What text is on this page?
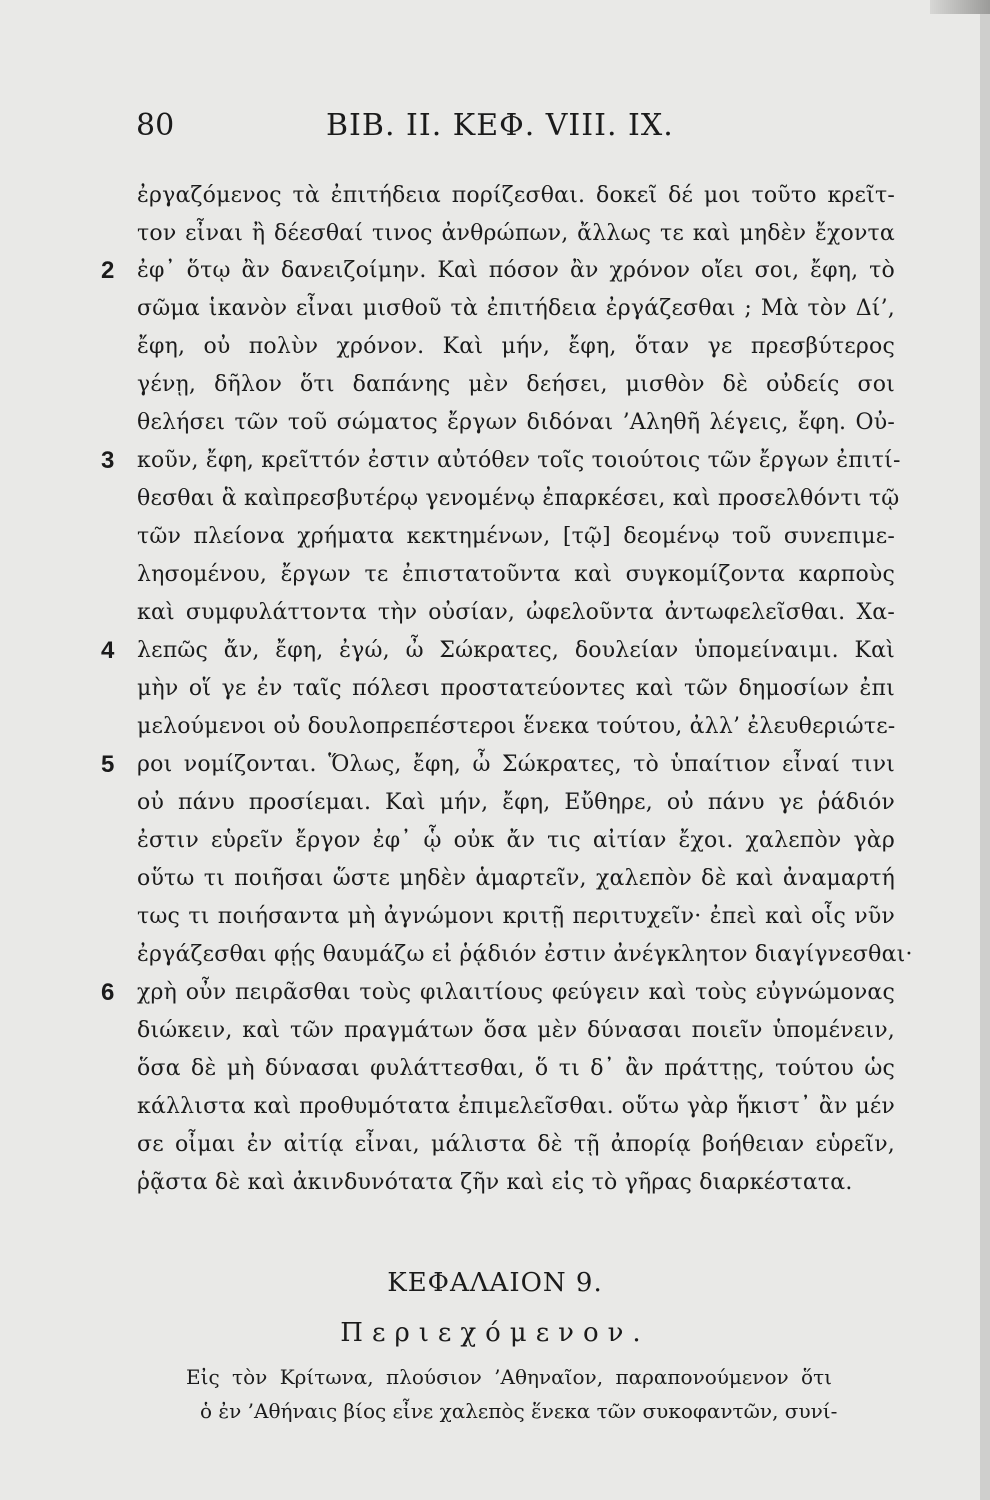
80	BIB. II. ΚΕΦ. VIII. IX.
ἐργαζόμενος τὰ ἐπιτήδεια πορίζεσθαι. δοκεῖ δέ μοι τοῦτο κρεῖτ-
τον εἶναι ἢ δέεσθαί τινος ἀνθρώπων, ἄλλως τε καὶ μηδὲν ἔχοντα
ἐφ᾽ ὅτῳ ἂν δανειζοίμην. Καὶ πόσον ἂν χρόνον οἴει σοι, ἔφη, τὸ
σῶμα ἱκανὸν εἶναι μισθοῦ τὰ ἐπιτήδεια ἐργάζεσθαι ; Μὰ τὸν Δί’,
ἔφη, οὐ πολὺν χρόνον. Καὶ μήν, ἔφη, ὅταν γε πρεσβύτερος
γένῃ, δῆλον ὅτι δαπάνης μὲν δεήσει, μισθὸν δὲ οὐδείς σοι
θελήσει τῶν τοῦ σώματος ἔργων διδόναι ’Αληθῆ λέγεις, ἔφη. Οὐ-
κοῦν, ἔφη, κρεῖττόν ἐστιν αὐτόθεν τοῖς τοιούτοις τῶν ἔργων ἐπιτί-
θεσθαι ἃ καὶπρεσβυτέρῳ γενομένῳ ἐπαρκέσει, καὶ προσελθόντι τῷ
τῶν πλείονα χρήματα κεκτημένων, [τῷ] δεομένῳ τοῦ συνεπιμε-
λησομένου, ἔργων τε ἐπιστατοῦντα καὶ συγκομίζοντα καρποὺς
καὶ συμφυλάττοντα τὴν οὐσίαν, ὠφελοῦντα ἀντωφελεῖσθαι. Χα-
λεπῶς ἄν, ἔφη, ἐγώ, ὦ Σώκρατες, δουλείαν ὑπομείναιμι. Καὶ
μὴν οἵ γε ἐν ταῖς πόλεσι προστατεύοντες καὶ τῶν δημοσίων ἐπι
μελούμενοι οὐ δουλοπρεπέστεροι ἕνεκα τούτου, ἀλλ’ ἐλευθεριώτε-
ροι νομίζονται. Ὅλως, ἔφη, ὦ Σώκρατες, τὸ ὑπαίτιον εἶναί τινι
οὐ πάνυ προσίεμαι. Καὶ μήν, ἔφη, Εὔθηρε, οὐ πάνυ γε ῥάδιόν
ἐστιν εὑρεῖν ἔργον ἐφ᾽ ᾧ οὐκ ἄν τις αἰτίαν ἔχοι. χαλεπὸν γὰρ
οὕτω τι ποιῆσαι ὥστε μηδὲν ἁμαρτεῖν, χαλεπὸν δὲ καὶ ἀναμαρτή
τως τι ποιήσαντα μὴ ἀγνώμονι κριτῇ περιτυχεῖν· ἐπεὶ καὶ οἷς νῦν
ἐργάζεσθαι φῄς θαυμάζω εἰ ῥᾴδιόν ἐστιν ἀνέγκλητον διαγίγνεσθαι·
χρὴ οὖν πειρᾶσθαι τοὺς φιλαιτίους φεύγειν καὶ τοὺς εὐγνώμονας
διώκειν, καὶ τῶν πραγμάτων ὅσα μὲν δύνασαι ποιεῖν ὑπομένειν,
ὅσα δὲ μὴ δύνασαι φυλάττεσθαι, ὅ τι δ᾽ ἂν πράττῃς, τούτου ὡς
κάλλιστα καὶ προθυμότατα ἐπιμελεῖσθαι. οὕτω γὰρ ἥκιστ᾽ ἂν μέν
σε οἶμαι ἐν αἰτίᾳ εἶναι, μάλιστα δὲ τῇ ἀπορίᾳ βοήθειαν εὑρεῖν,
ῥᾷστα δὲ καὶ ἀκινδυνότατα ζῆν καὶ εἰς τὸ γῆρας διαρκέστατα.
2
3
4
5
6
ΚΕΦΑΛΑΙΟΝ 9.
Περιεχόμενον.
Εἰς τὸν Κρίτωνα, πλούσιον ’Αθηναῖον, παραπονούμενον ὅτι
ὁ ἐν ’Αθήναις βίος εἶνε χαλεπὸς ἕνεκα τῶν συκοφαντῶν, συνί-
